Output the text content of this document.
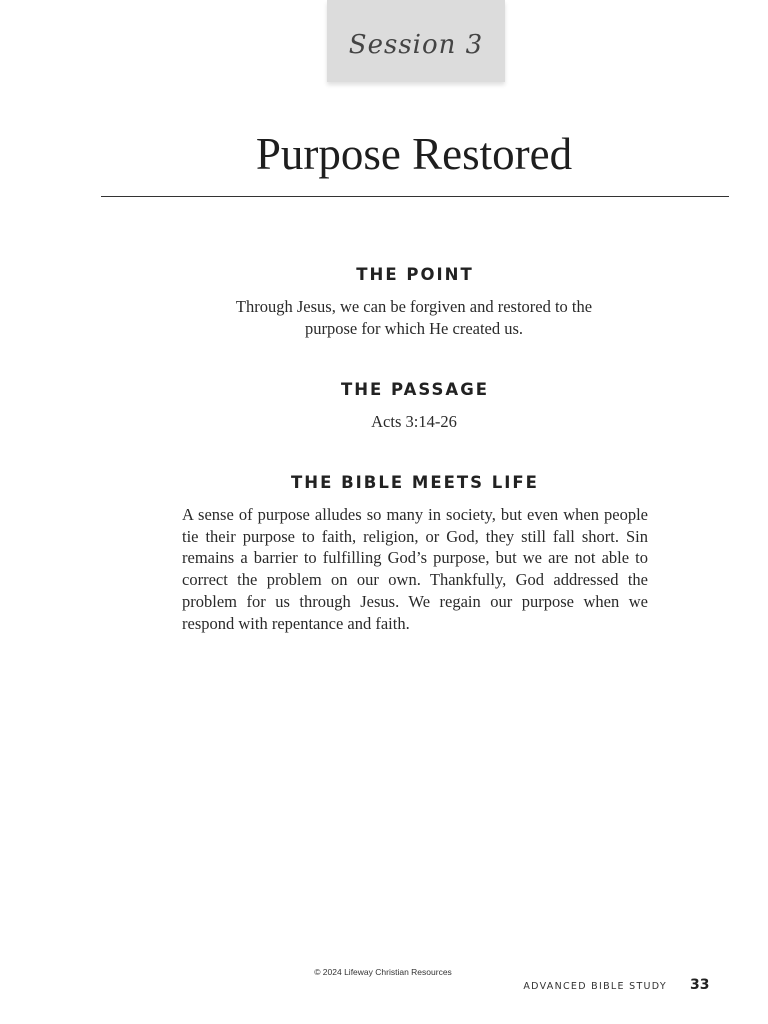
Session 3
Purpose Restored
THE POINT
Through Jesus, we can be forgiven and restored to the purpose for which He created us.
THE PASSAGE
Acts 3:14-26
THE BIBLE MEETS LIFE
A sense of purpose alludes so many in society, but even when people tie their purpose to faith, religion, or God, they still fall short. Sin remains a barrier to fulfilling God’s purpose, but we are not able to correct the problem on our own. Thankfully, God addressed the problem for us through Jesus. We regain our purpose when we respond with repentance and faith.
© 2024 Lifeway Christian Resources
ADVANCED BIBLE STUDY 33
